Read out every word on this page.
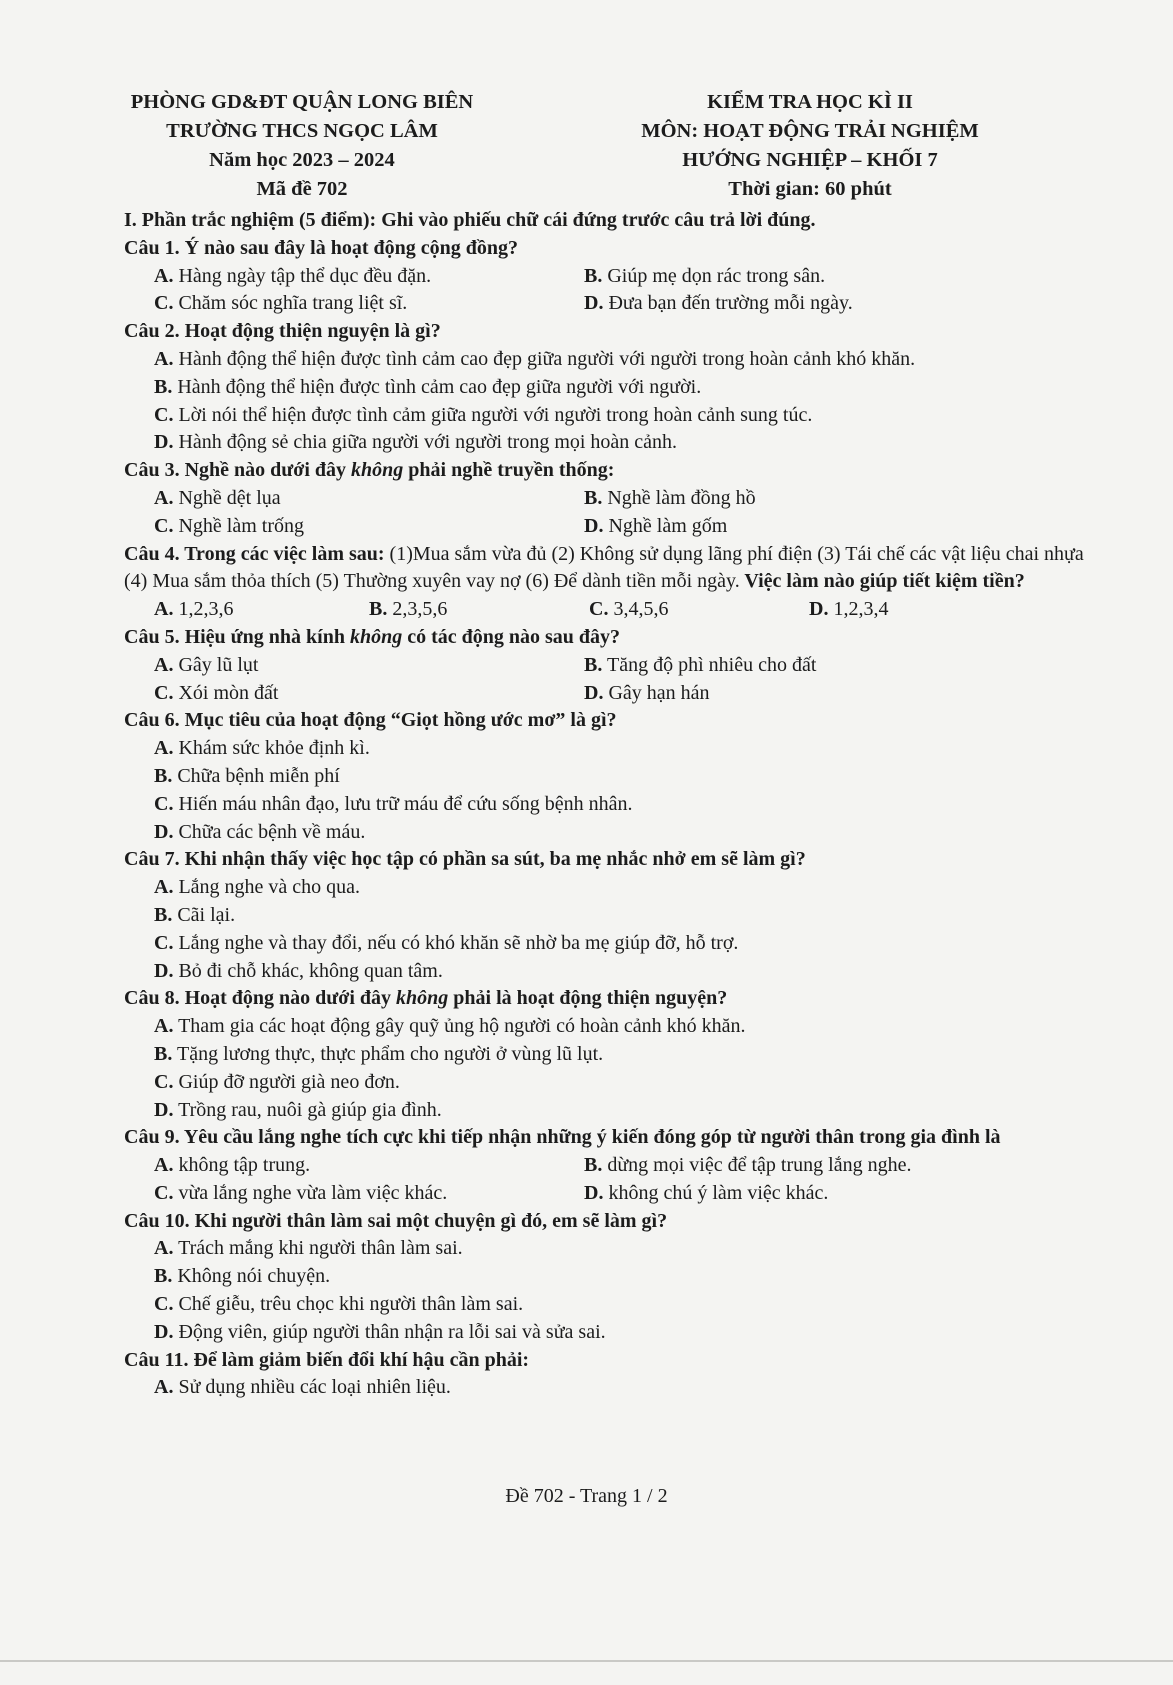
PHÒNG GD&ĐT QUẬN LONG BIÊN
TRƯỜNG THCS NGỌC LÂM
Năm học 2023 – 2024
Mã đề 702
KIỂM TRA HỌC KÌ II
MÔN: HOẠT ĐỘNG TRẢI NGHIỆM
HƯỚNG NGHIỆP – KHỐI 7
Thời gian: 60 phút
I. Phần trắc nghiệm (5 điểm): Ghi vào phiếu chữ cái đứng trước câu trả lời đúng.
Câu 1. Ý nào sau đây là hoạt động cộng đồng?
A. Hàng ngày tập thể dục đều đặn.	B. Giúp mẹ dọn rác trong sân.
C. Chăm sóc nghĩa trang liệt sĩ.	D. Đưa bạn đến trường mỗi ngày.
Câu 2. Hoạt động thiện nguyện là gì?
A. Hành động thể hiện được tình cảm cao đẹp giữa người với người trong hoàn cảnh khó khăn.
B. Hành động thể hiện được tình cảm cao đẹp giữa người với người.
C. Lời nói thể hiện được tình cảm giữa người với người trong hoàn cảnh sung túc.
D. Hành động sẻ chia giữa người với người trong mọi hoàn cảnh.
Câu 3. Nghề nào dưới đây không phải nghề truyền thống:
A. Nghề dệt lụa	B. Nghề làm đồng hồ
C. Nghề làm trống	D. Nghề làm gốm
Câu 4. Trong các việc làm sau: (1)Mua sắm vừa đủ (2) Không sử dụng lãng phí điện (3) Tái chế các vật liệu chai nhựa (4) Mua sắm thỏa thích (5) Thường xuyên vay nợ (6) Để dành tiền mỗi ngày. Việc làm nào giúp tiết kiệm tiền?
A. 1,2,3,6	B. 2,3,5,6	C. 3,4,5,6	D. 1,2,3,4
Câu 5. Hiệu ứng nhà kính không có tác động nào sau đây?
A. Gây lũ lụt	B. Tăng độ phì nhiêu cho đất
C. Xói mòn đất	D. Gây hạn hán
Câu 6. Mục tiêu của hoạt động “Giọt hồng ước mơ” là gì?
A. Khám sức khỏe định kì.
B. Chữa bệnh miễn phí
C. Hiến máu nhân đạo, lưu trữ máu để cứu sống bệnh nhân.
D. Chữa các bệnh về máu.
Câu 7. Khi nhận thấy việc học tập có phần sa sút, ba mẹ nhắc nhở em sẽ làm gì?
A. Lắng nghe và cho qua.
B. Cãi lại.
C. Lắng nghe và thay đổi, nếu có khó khăn sẽ nhờ ba mẹ giúp đỡ, hỗ trợ.
D. Bỏ đi chỗ khác, không quan tâm.
Câu 8. Hoạt động nào dưới đây không phải là hoạt động thiện nguyện?
A. Tham gia các hoạt động gây quỹ ủng hộ người có hoàn cảnh khó khăn.
B. Tặng lương thực, thực phẩm cho người ở vùng lũ lụt.
C. Giúp đỡ người già neo đơn.
D. Trồng rau, nuôi gà giúp gia đình.
Câu 9. Yêu cầu lắng nghe tích cực khi tiếp nhận những ý kiến đóng góp từ người thân trong gia đình là
A. không tập trung.	B. dừng mọi việc để tập trung lắng nghe.
C. vừa lắng nghe vừa làm việc khác.	D. không chú ý làm việc khác.
Câu 10. Khi người thân làm sai một chuyện gì đó, em sẽ làm gì?
A. Trách mắng khi người thân làm sai.
B. Không nói chuyện.
C. Chế giễu, trêu chọc khi người thân làm sai.
D. Động viên, giúp người thân nhận ra lỗi sai và sửa sai.
Câu 11. Để làm giảm biến đổi khí hậu cần phải:
A. Sử dụng nhiều các loại nhiên liệu.
Đề 702 - Trang 1 / 2
